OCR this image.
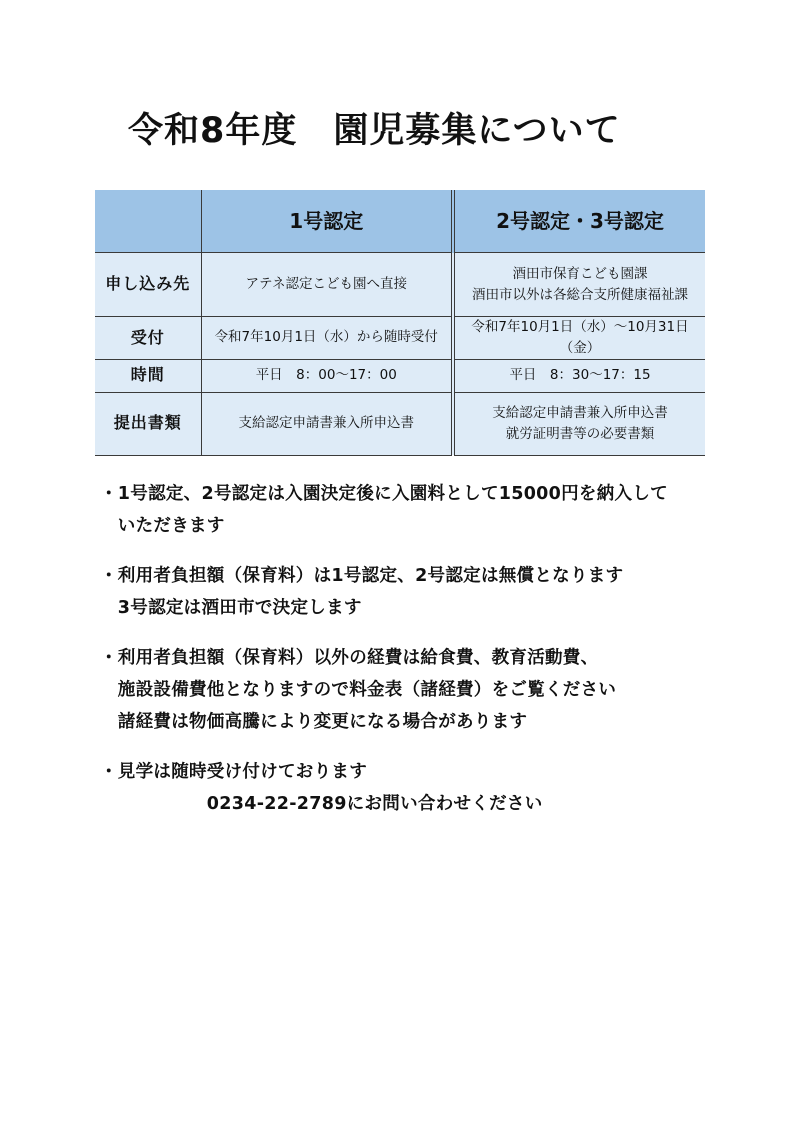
令和8年度　園児募集について
	1号認定	2号認定・3号認定
申し込み先	アテネ認定こども園へ直接	酒田市保育こども園課
酒田市以外は各総合支所健康福祉課

受付	令和7年10月1日（水）から随時受付	令和7年10月1日（水）～10月31日（金）

時間	平日　8：00～17：00	平日　8：30～17：15

提出書類	支給認定申請書兼入所申込書	支給認定申請書兼入所申込書
就労証明書等の必要書類
・1号認定、2号認定は入園決定後に入園料として15000円を納入して
　いただきます
・利用者負担額（保育料）は1号認定、2号認定は無償となります
　3号認定は酒田市で決定します
・利用者負担額（保育料）以外の経費は給食費、教育活動費、
　施設設備費他となりますので料金表（諸経費）をご覧ください
　諸経費は物価高騰により変更になる場合があります
・見学は随時受け付けております
　　　　　　0234-22-2789にお問い合わせください
